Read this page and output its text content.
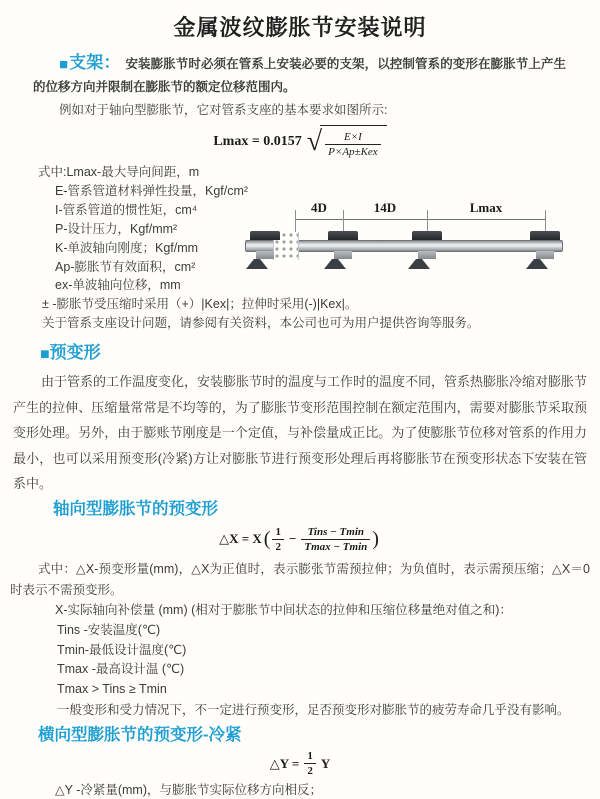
金属波纹膨胀节安装说明

■支架： 安装膨胀节时必须在管系上安装必要的支架，以控制管系的变形在膨胀节上产生的位移方向并限制在膨胀节的额定位移范围内。

例如对于轴向型膨胀节，它对管系支座的基本要求如图所示:

Lmax = 0.0157 √ $\frac{E\times I}{\text{P×Ap±Kex}}$
式中:Lmax-最大导向间距，m
E-管系管道材料弹性投量，Kgf/cm²
I-管系管道的惯性矩，cm⁴
P-设计压力，Kgf/mm²
K-单波轴向刚度；Kgf/mm
Ap-膨胀节有效面积，cm²
ex-单波轴向位移，mm
± -膨胀节受压缩时采用（+）|Kex|；拉伸时采用(-)|Kex|。
关于管系支座设计问题，请参阅有关资料，本公司也可为用户提供咨询等服务。
4D	14D	Lmax
■预变形

由于管系的工作温度变化，安装膨胀节时的温度与工作时的温度不同，管系热膨胀冷缩对膨胀节产生的拉伸、压缩量常常是不均等的，为了膨胀节变形范围控制在额定范围内，需要对膨胀节采取预变形处理。另外，由于膨账节刚度是一个定值，与补偿量成正比。为了使膨胀节位移对管系的作用力最小，也可以采用预变形(冷紧)方让对膨胀节进行预变形处理后再将膨胀节在预变形状态下安装在管系中。

轴向型膨胀节的预变形
△X = X ( $\frac{1}{2} - \frac{\text{Tins − Tmin}}{Tmax - Tmin}$ )

式中：△X-预变形量(mm)，△X为正值时，表示膨张节需预拉伸；为负值时，表示需预压缩；△X＝0时表示不需预变形。

X-实际轴向补偿量 (mm) (相对于膨胀节中间状态的拉伸和压缩位移量绝对值之和)：
Tins -安装温度(℃)
Tmin-最低设计温度(℃)
Tmax -最高设计温 (℃)
Tmax > Tins ≥ Tmin
一般变形和受力情况下，不一定进行预变形，足否预变形对膨胀节的疲劳寿命几乎没有影响。
横向型膨胀节的预变形-冷紧
△Y = $\frac{1}{2}$ Y
△Y -冷紧量(mm)，与膨胀节实际位移方向相反；
